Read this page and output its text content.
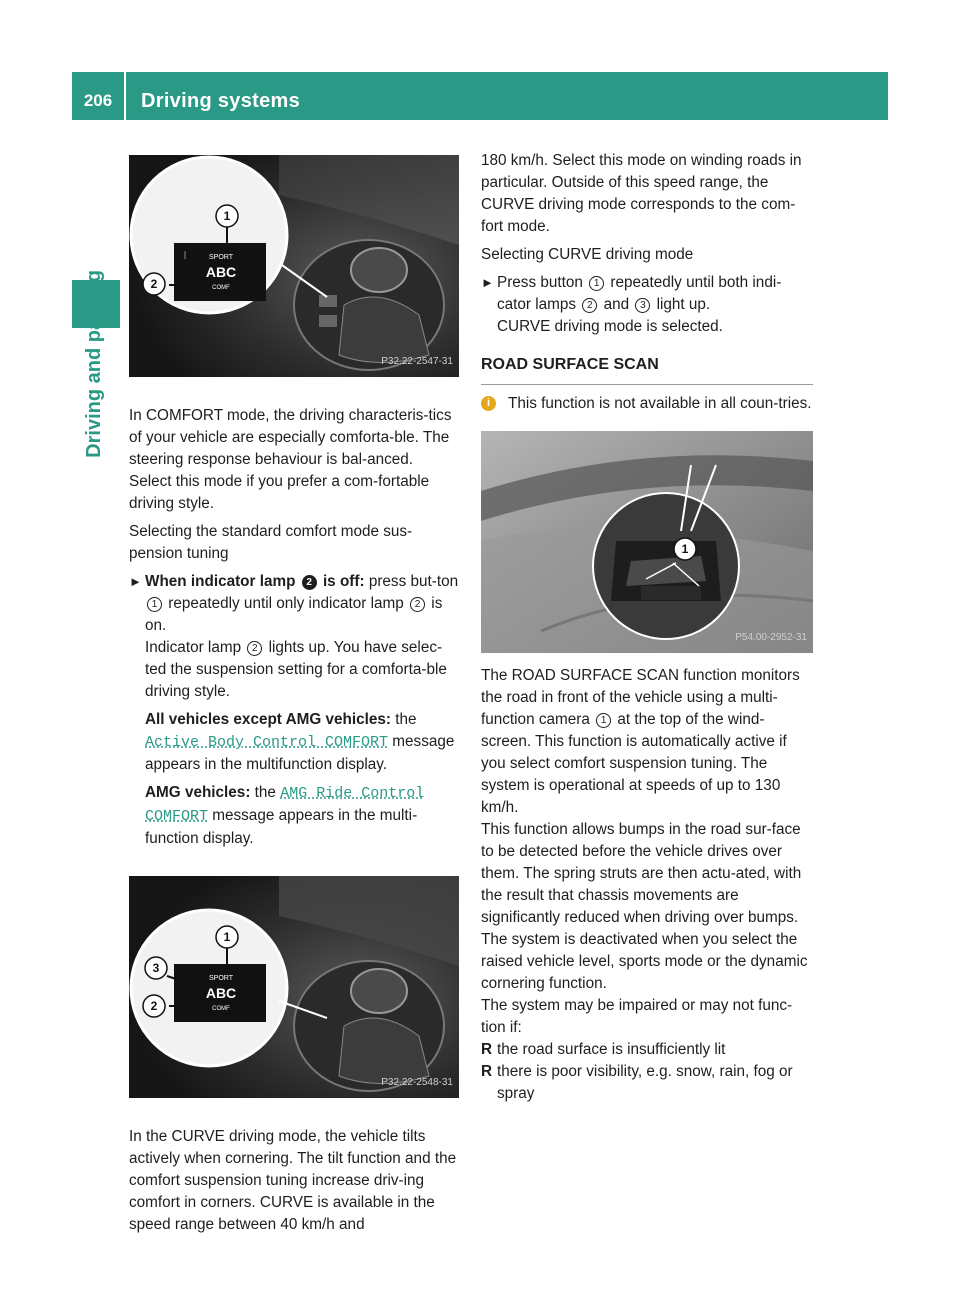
206	Driving systems
Driving and parking
SPORT
ABC
COMF
1
2
P32.22-2547-31

In COMFORT mode, the driving characteris-tics of your vehicle are especially comforta-ble. The steering response behaviour is bal-anced. Select this mode if you prefer a com-fortable driving style.

Selecting the standard comfort mode sus-pension tuning

► When indicator lamp 2 is off: press but-ton 1 repeatedly until only indicator lamp 2 is on.
Indicator lamp 2 lights up. You have selec-ted the suspension setting for a comforta-ble driving style.
All vehicles except AMG vehicles: the
Active Body Control COMFORT message appears in the multifunction display.
AMG vehicles: the AMG Ride Control COMFORT message appears in the multi-function display.
SPORT
ABC
COMF
1
3
2
P32.22-2548-31

In the CURVE driving mode, the vehicle tilts actively when cornering. The tilt function and the comfort suspension tuning increase driv-ing comfort in corners. CURVE is available in the speed range between 40 km/h and

180 km/h. Select this mode on winding roads in particular. Outside of this speed range, the CURVE driving mode corresponds to the com-fort mode.

Selecting CURVE driving mode

► Press button 1 repeatedly until both indi-cator lamps 2 and 3 light up.
CURVE driving mode is selected.
ROAD SURFACE SCAN
i	This function is not available in all coun-tries.
1
P54.00-2952-31

The ROAD SURFACE SCAN function monitors the road in front of the vehicle using a multi-function camera 1 at the top of the wind-screen. This function is automatically active if you select comfort suspension tuning. The system is operational at speeds of up to 130 km/h.

This function allows bumps in the road sur-face to be detected before the vehicle drives over them. The spring struts are then actu-ated, with the result that chassis movements are significantly reduced when driving over bumps.

The system is deactivated when you select the raised vehicle level, sports mode or the dynamic cornering function.

The system may be impaired or may not func-tion if:

R the road surface is insufficiently lit
R there is poor visibility, e.g. snow, rain, fog or spray
